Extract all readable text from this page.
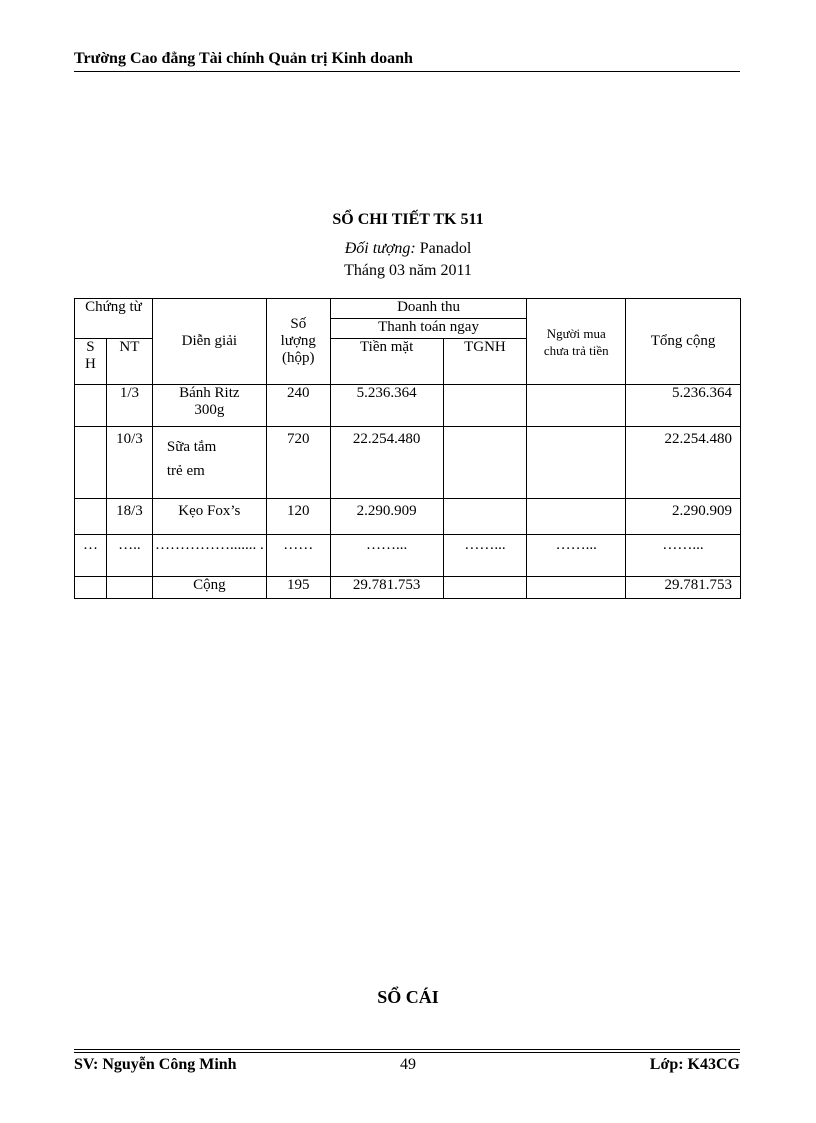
Trường Cao đẳng Tài chính Quản trị Kinh doanh
SỔ CHI TIẾT TK 511
Đối tượng: Panadol
Tháng 03 năm 2011
Chứng từ		Diễn giải	Số lượng (hộp)	Doanh thu		Người mua chưa trả tiền	Tổng cộng
				Thanh toán ngay			
S H	NT			Tiền mặt	TGNH		
	1/3	Bánh Ritz 300g	240	5.236.364			5.236.364
	10/3	Sữa tắm
trẻ em	720	22.254.480			22.254.480
	18/3	Kẹo Fox’s	120	2.290.909			2.290.909
…	…..	……………....... .	……	……...	……...	……...	……...
		Cộng	195	29.781.753			29.781.753
SỔ CÁI
SV: Nguyễn Công Minh	49	Lớp: K43CG
